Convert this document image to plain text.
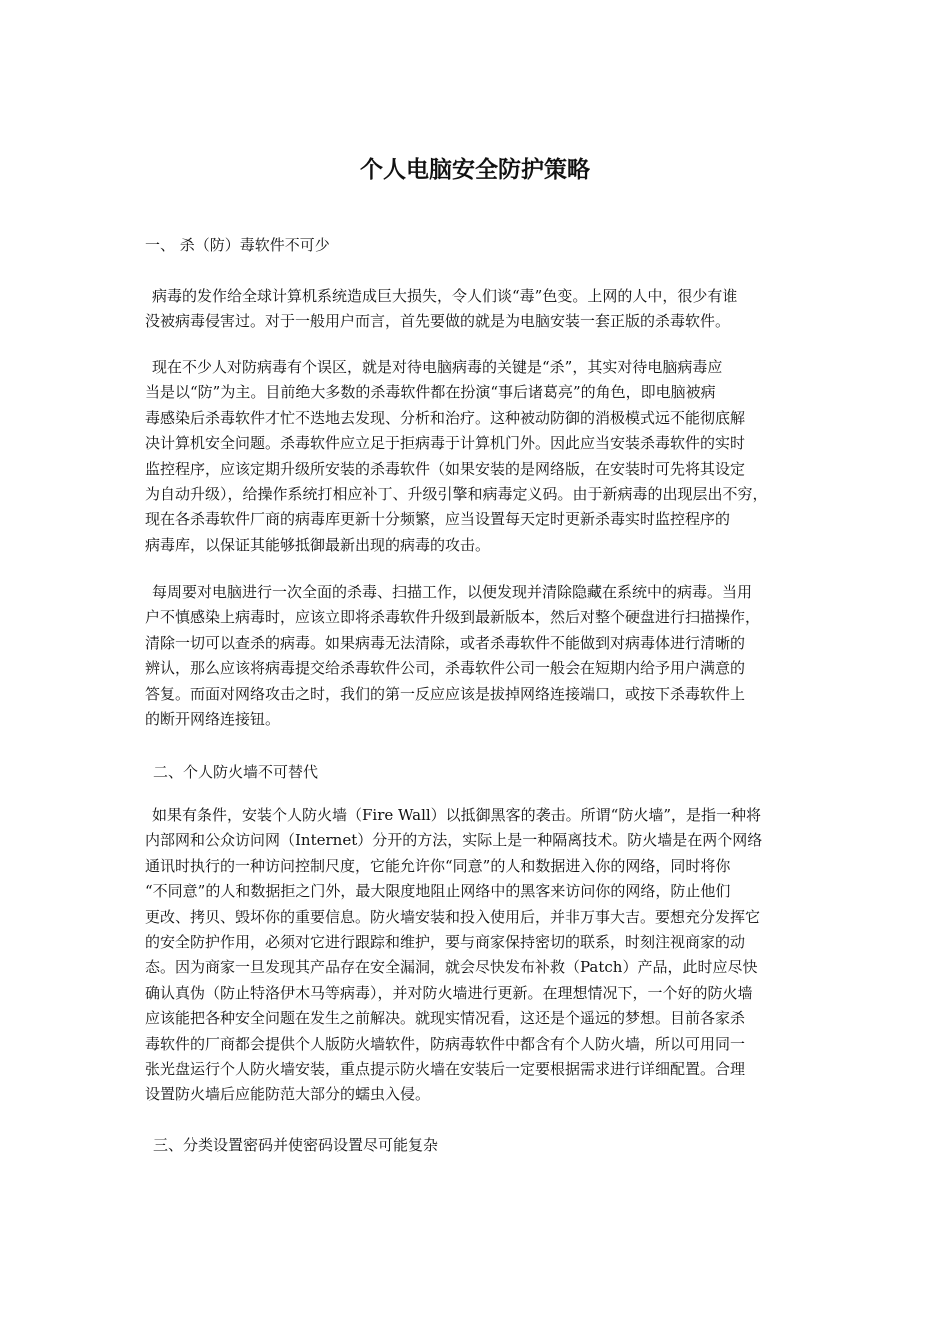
个人电脑安全防护策略

一、 杀（防）毒软件不可少

病毒的发作给全球计算机系统造成巨大损失，令人们谈“毒”色变。上网的人中，很少有谁
没被病毒侵害过。对于一般用户而言，首先要做的就是为电脑安装一套正版的杀毒软件。
现在不少人对防病毒有个误区，就是对待电脑病毒的关键是“杀”，其实对待电脑病毒应
当是以“防”为主。目前绝大多数的杀毒软件都在扮演“事后诸葛亮”的角色，即电脑被病
毒感染后杀毒软件才忙不迭地去发现、分析和治疗。这种被动防御的消极模式远不能彻底解
决计算机安全问题。杀毒软件应立足于拒病毒于计算机门外。因此应当安装杀毒软件的实时
监控程序，应该定期升级所安装的杀毒软件（如果安装的是网络版，在安装时可先将其设定
为自动升级），给操作系统打相应补丁、升级引擎和病毒定义码。由于新病毒的出现层出不穷，
现在各杀毒软件厂商的病毒库更新十分频繁，应当设置每天定时更新杀毒实时监控程序的
病毒库，以保证其能够抵御最新出现的病毒的攻击。
每周要对电脑进行一次全面的杀毒、扫描工作，以便发现并清除隐藏在系统中的病毒。当用
户不慎感染上病毒时，应该立即将杀毒软件升级到最新版本，然后对整个硬盘进行扫描操作，
清除一切可以查杀的病毒。如果病毒无法清除，或者杀毒软件不能做到对病毒体进行清晰的
辨认，那么应该将病毒提交给杀毒软件公司，杀毒软件公司一般会在短期内给予用户满意的
答复。而面对网络攻击之时，我们的第一反应应该是拔掉网络连接端口，或按下杀毒软件上
的断开网络连接钮。

二、个人防火墙不可替代

如果有条件，安装个人防火墙（Fire Wall）以抵御黑客的袭击。所谓“防火墙”，是指一种将
内部网和公众访问网（Internet）分开的方法，实际上是一种隔离技术。防火墙是在两个网络
通讯时执行的一种访问控制尺度，它能允许你“同意”的人和数据进入你的网络，同时将你
“不同意”的人和数据拒之门外，最大限度地阻止网络中的黑客来访问你的网络，防止他们
更改、拷贝、毁坏你的重要信息。防火墙安装和投入使用后，并非万事大吉。要想充分发挥它
的安全防护作用，必须对它进行跟踪和维护，要与商家保持密切的联系，时刻注视商家的动
态。因为商家一旦发现其产品存在安全漏洞，就会尽快发布补救（Patch）产品，此时应尽快
确认真伪（防止特洛伊木马等病毒），并对防火墙进行更新。在理想情况下，一个好的防火墙
应该能把各种安全问题在发生之前解决。就现实情况看，这还是个遥远的梦想。目前各家杀
毒软件的厂商都会提供个人版防火墙软件，防病毒软件中都含有个人防火墙，所以可用同一
张光盘运行个人防火墙安装，重点提示防火墙在安装后一定要根据需求进行详细配置。合理
设置防火墙后应能防范大部分的蠕虫入侵。

三、分类设置密码并使密码设置尽可能复杂
